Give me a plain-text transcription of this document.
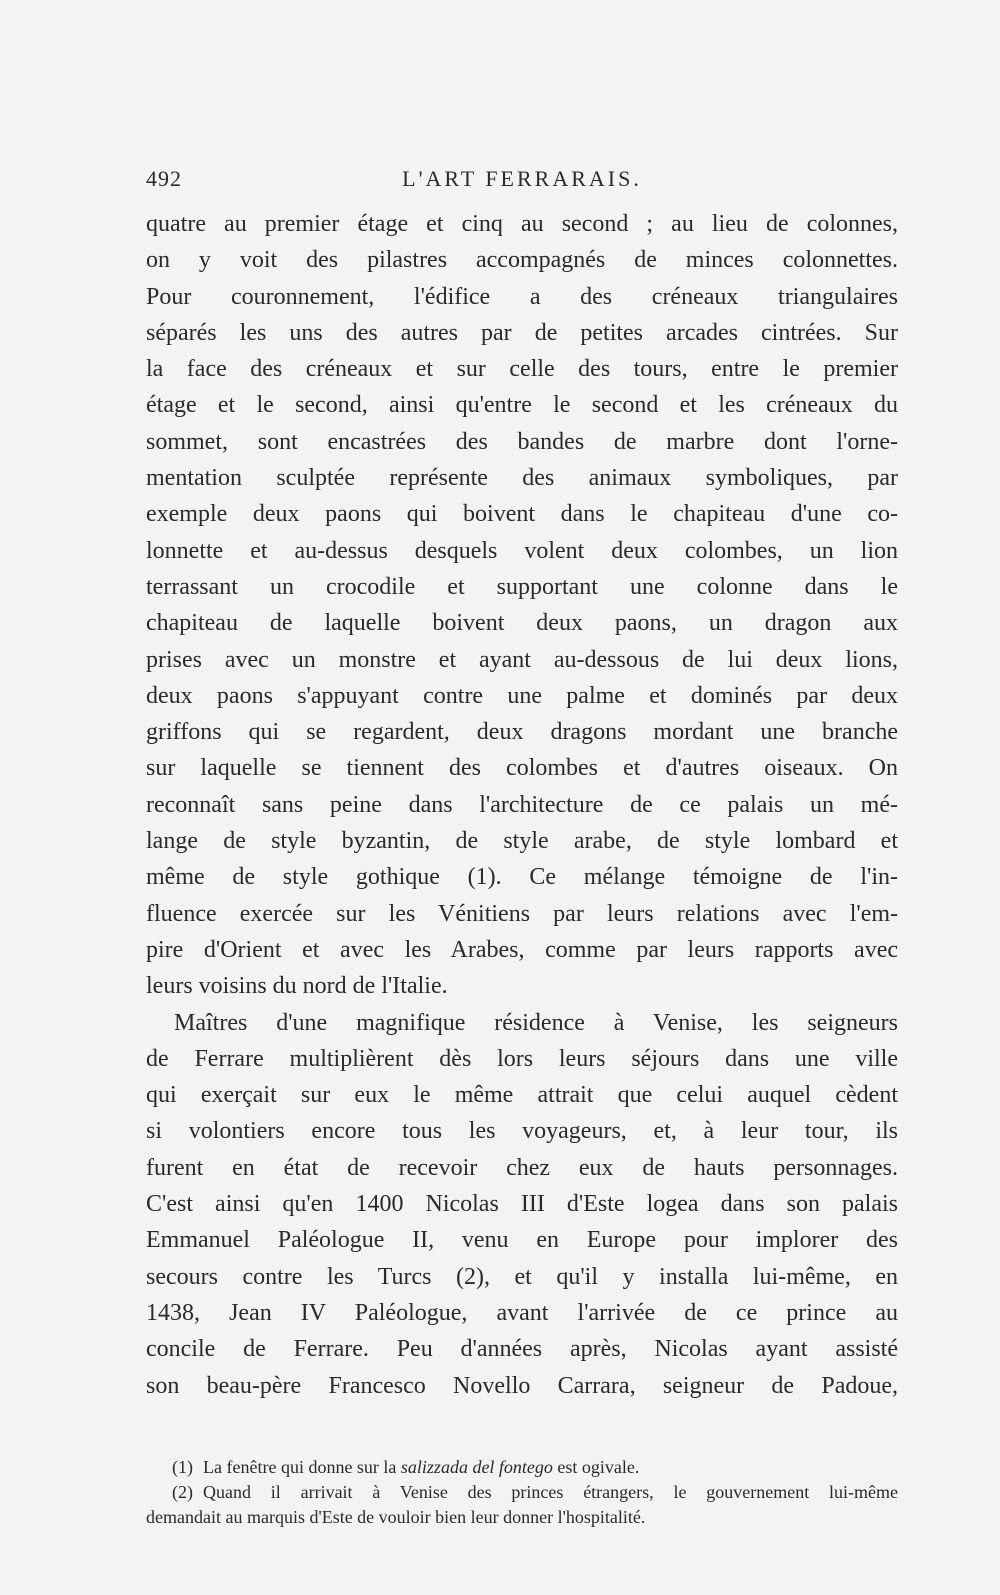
492	L'ART FERRARAIS.
quatre au premier étage et cinq au second ; au lieu de colonnes,
on y voit des pilastres accompagnés de minces colonnettes.
Pour couronnement, l'édifice a des créneaux triangulaires
séparés les uns des autres par de petites arcades cintrées. Sur
la face des créneaux et sur celle des tours, entre le premier
étage et le second, ainsi qu'entre le second et les créneaux du
sommet, sont encastrées des bandes de marbre dont l'orne-
mentation sculptée représente des animaux symboliques, par
exemple deux paons qui boivent dans le chapiteau d'une co-
lonnette et au-dessus desquels volent deux colombes, un lion
terrassant un crocodile et supportant une colonne dans le
chapiteau de laquelle boivent deux paons, un dragon aux
prises avec un monstre et ayant au-dessous de lui deux lions,
deux paons s'appuyant contre une palme et dominés par deux
griffons qui se regardent, deux dragons mordant une branche
sur laquelle se tiennent des colombes et d'autres oiseaux. On
reconnaît sans peine dans l'architecture de ce palais un mé-
lange de style byzantin, de style arabe, de style lombard et
même de style gothique (1). Ce mélange témoigne de l'in-
fluence exercée sur les Vénitiens par leurs relations avec l'em-
pire d'Orient et avec les Arabes, comme par leurs rapports avec
leurs voisins du nord de l'Italie.
Maîtres d'une magnifique résidence à Venise, les seigneurs
de Ferrare multiplièrent dès lors leurs séjours dans une ville
qui exerçait sur eux le même attrait que celui auquel cèdent
si volontiers encore tous les voyageurs, et, à leur tour, ils
furent en état de recevoir chez eux de hauts personnages.
C'est ainsi qu'en 1400 Nicolas III d'Este logea dans son palais
Emmanuel Paléologue II, venu en Europe pour implorer des
secours contre les Turcs (2), et qu'il y installa lui-même, en
1438, Jean IV Paléologue, avant l'arrivée de ce prince au
concile de Ferrare. Peu d'années après, Nicolas ayant assisté
son beau-père Francesco Novello Carrara, seigneur de Padoue,
(1) La fenêtre qui donne sur la salizzada del fontego est ogivale.
(2) Quand il arrivait à Venise des princes étrangers, le gouvernement lui-même
demandait au marquis d'Este de vouloir bien leur donner l'hospitalité.
